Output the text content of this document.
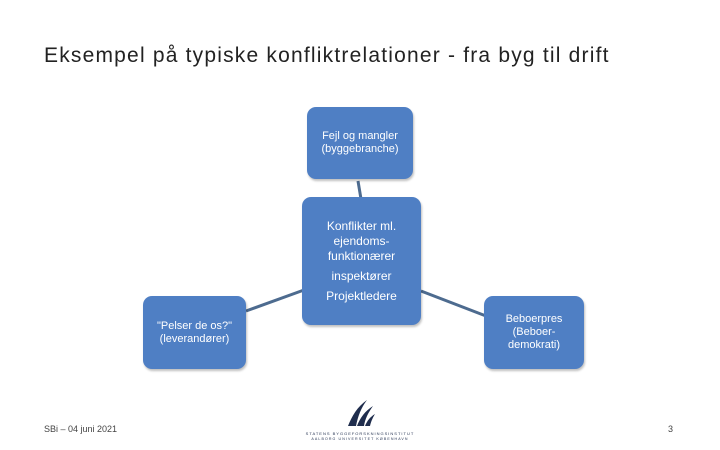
Eksempel på typiske konfliktrelationer - fra byg til drift
Fejl og mangler
(byggebranche)
Konflikter ml.
ejendoms-
funktionærer
inspektører
Projektledere
"Pelser de os?"
(leverandører)
Beboerpres
(Beboer-
demokrati)
SBi – 04 juni 2021	STATENS BYGGEFORSKNINGSINSTITUT
AALBORG UNIVERSITET KØBENHAVN
3
